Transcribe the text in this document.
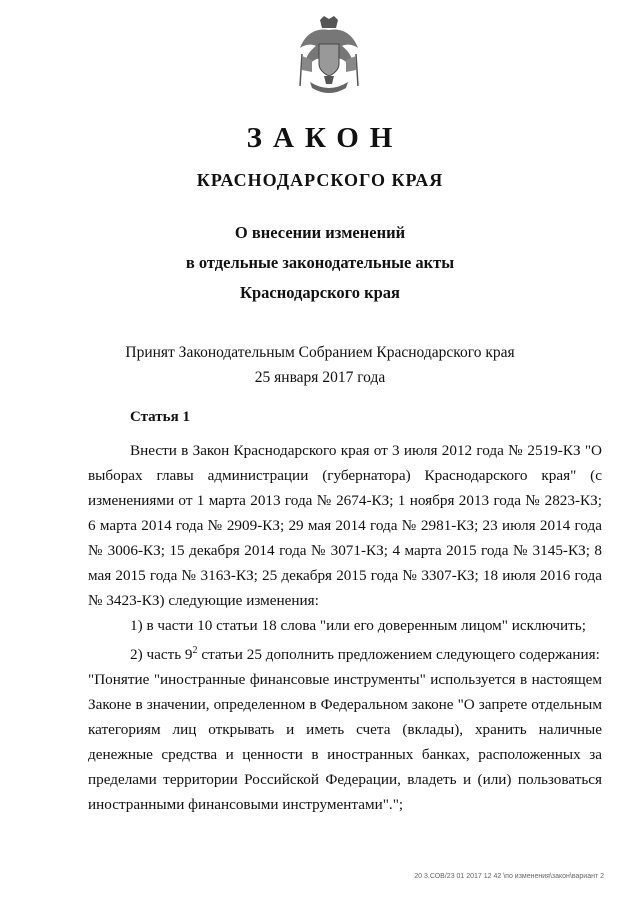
ЗАКОН
КРАСНОДАРСКОГО КРАЯ
О внесении изменений
в отдельные законодательные акты
Краснодарского края
Принят Законодательным Собранием Краснодарского края
25 января 2017 года
Статья 1

Внести в Закон Краснодарского края от 3 июля 2012 года № 2519-КЗ "О выборах главы администрации (губернатора) Краснодарского края" (с изменениями от 1 марта 2013 года № 2674-КЗ; 1 ноября 2013 года № 2823-КЗ; 6 марта 2014 года № 2909-КЗ; 29 мая 2014 года № 2981-КЗ; 23 июля 2014 года № 3006-КЗ; 15 декабря 2014 года № 3071-КЗ; 4 марта 2015 года № 3145-КЗ; 8 мая 2015 года № 3163-КЗ; 25 декабря 2015 года № 3307-КЗ; 18 июля 2016 года № 3423-КЗ) следующие изменения:

1) в части 10 статьи 18 слова "или его доверенным лицом" исключить;

2) часть $9^2$ статьи 25 дополнить предложением следующего содержания:

"Понятие "иностранные финансовые инструменты" используется в настоящем Законе в значении, определенном в Федеральном законе "О запрете отдельным категориям лиц открывать и иметь счета (вклады), хранить наличные денежные средства и ценности в иностранных банках, расположенных за пределами территории Российской Федерации, владеть и (или) пользоваться иностранными финансовыми инструментами".";

20 3.СОВ/23 01 2017 12 42 \по изменения\закон\вариант 2
